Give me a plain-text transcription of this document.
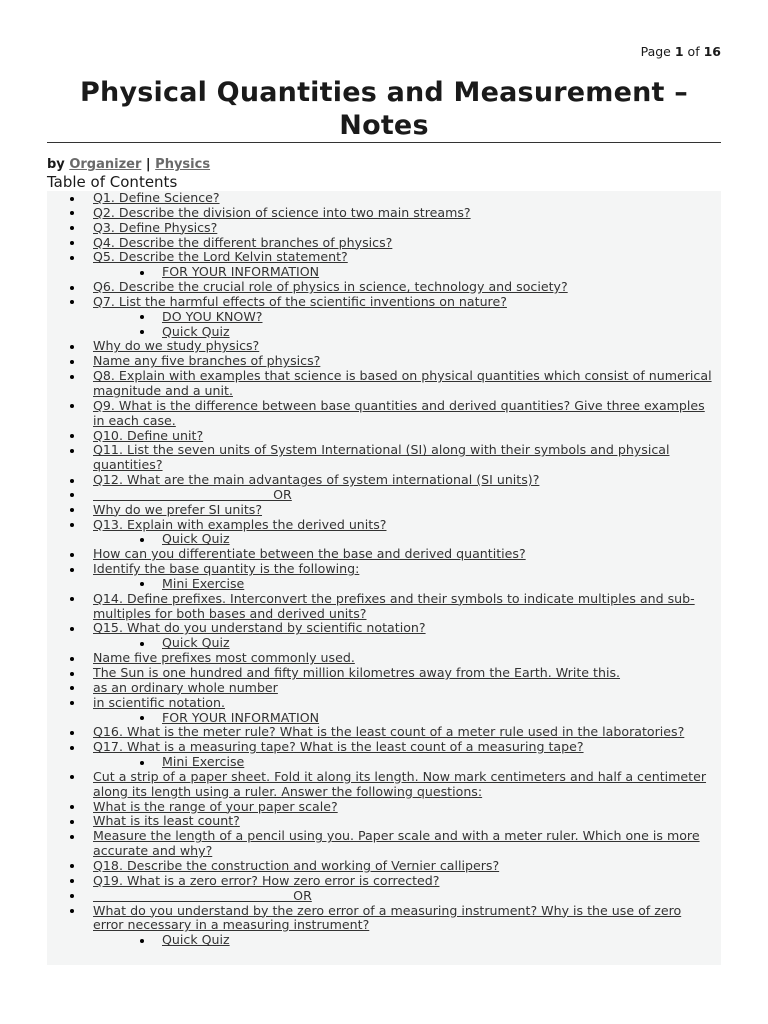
Page 1 of 16
Physical Quantities and Measurement – Notes
by Organizer | Physics
Table of Contents
Q1. Define Science?
Q2. Describe the division of science into two main streams?
Q3. Define Physics?
Q4. Describe the different branches of physics?
Q5. Describe the Lord Kelvin statement?
FOR YOUR INFORMATION
Q6. Describe the crucial role of physics in science, technology and society?
Q7. List the harmful effects of the scientific inventions on nature?
DO YOU KNOW?
Quick Quiz
Why do we study physics?
Name any five branches of physics?
Q8. Explain with examples that science is based on physical quantities which consist of numerical magnitude and a unit.
Q9. What is the difference between base quantities and derived quantities? Give three examples in each case.
Q10. Define unit?
Q11. List the seven units of System International (SI) along with their symbols and physical quantities?
Q12. What are the main advantages of system international (SI units)?
OR
Why do we prefer SI units?
Q13. Explain with examples the derived units?
Quick Quiz
How can you differentiate between the base and derived quantities?
Identify the base quantity is the following:
Mini Exercise
Q14. Define prefixes. Interconvert the prefixes and their symbols to indicate multiples and sub-multiples for both bases and derived units?
Q15. What do you understand by scientific notation?
Quick Quiz
Name five prefixes most commonly used.
The Sun is one hundred and fifty million kilometres away from the Earth. Write this.
as an ordinary whole number
in scientific notation.
FOR YOUR INFORMATION
Q16. What is the meter rule? What is the least count of a meter rule used in the laboratories?
Q17. What is a measuring tape? What is the least count of a measuring tape?
Mini Exercise
Cut a strip of a paper sheet. Fold it along its length. Now mark centimeters and half a centimeter along its length using a ruler. Answer the following questions:
What is the range of your paper scale?
What is its least count?
Measure the length of a pencil using you. Paper scale and with a meter ruler. Which one is more accurate and why?
Q18. Describe the construction and working of Vernier callipers?
Q19. What is a zero error? How zero error is corrected?
OR
What do you understand by the zero error of a measuring instrument? Why is the use of zero error necessary in a measuring instrument?
Quick Quiz
